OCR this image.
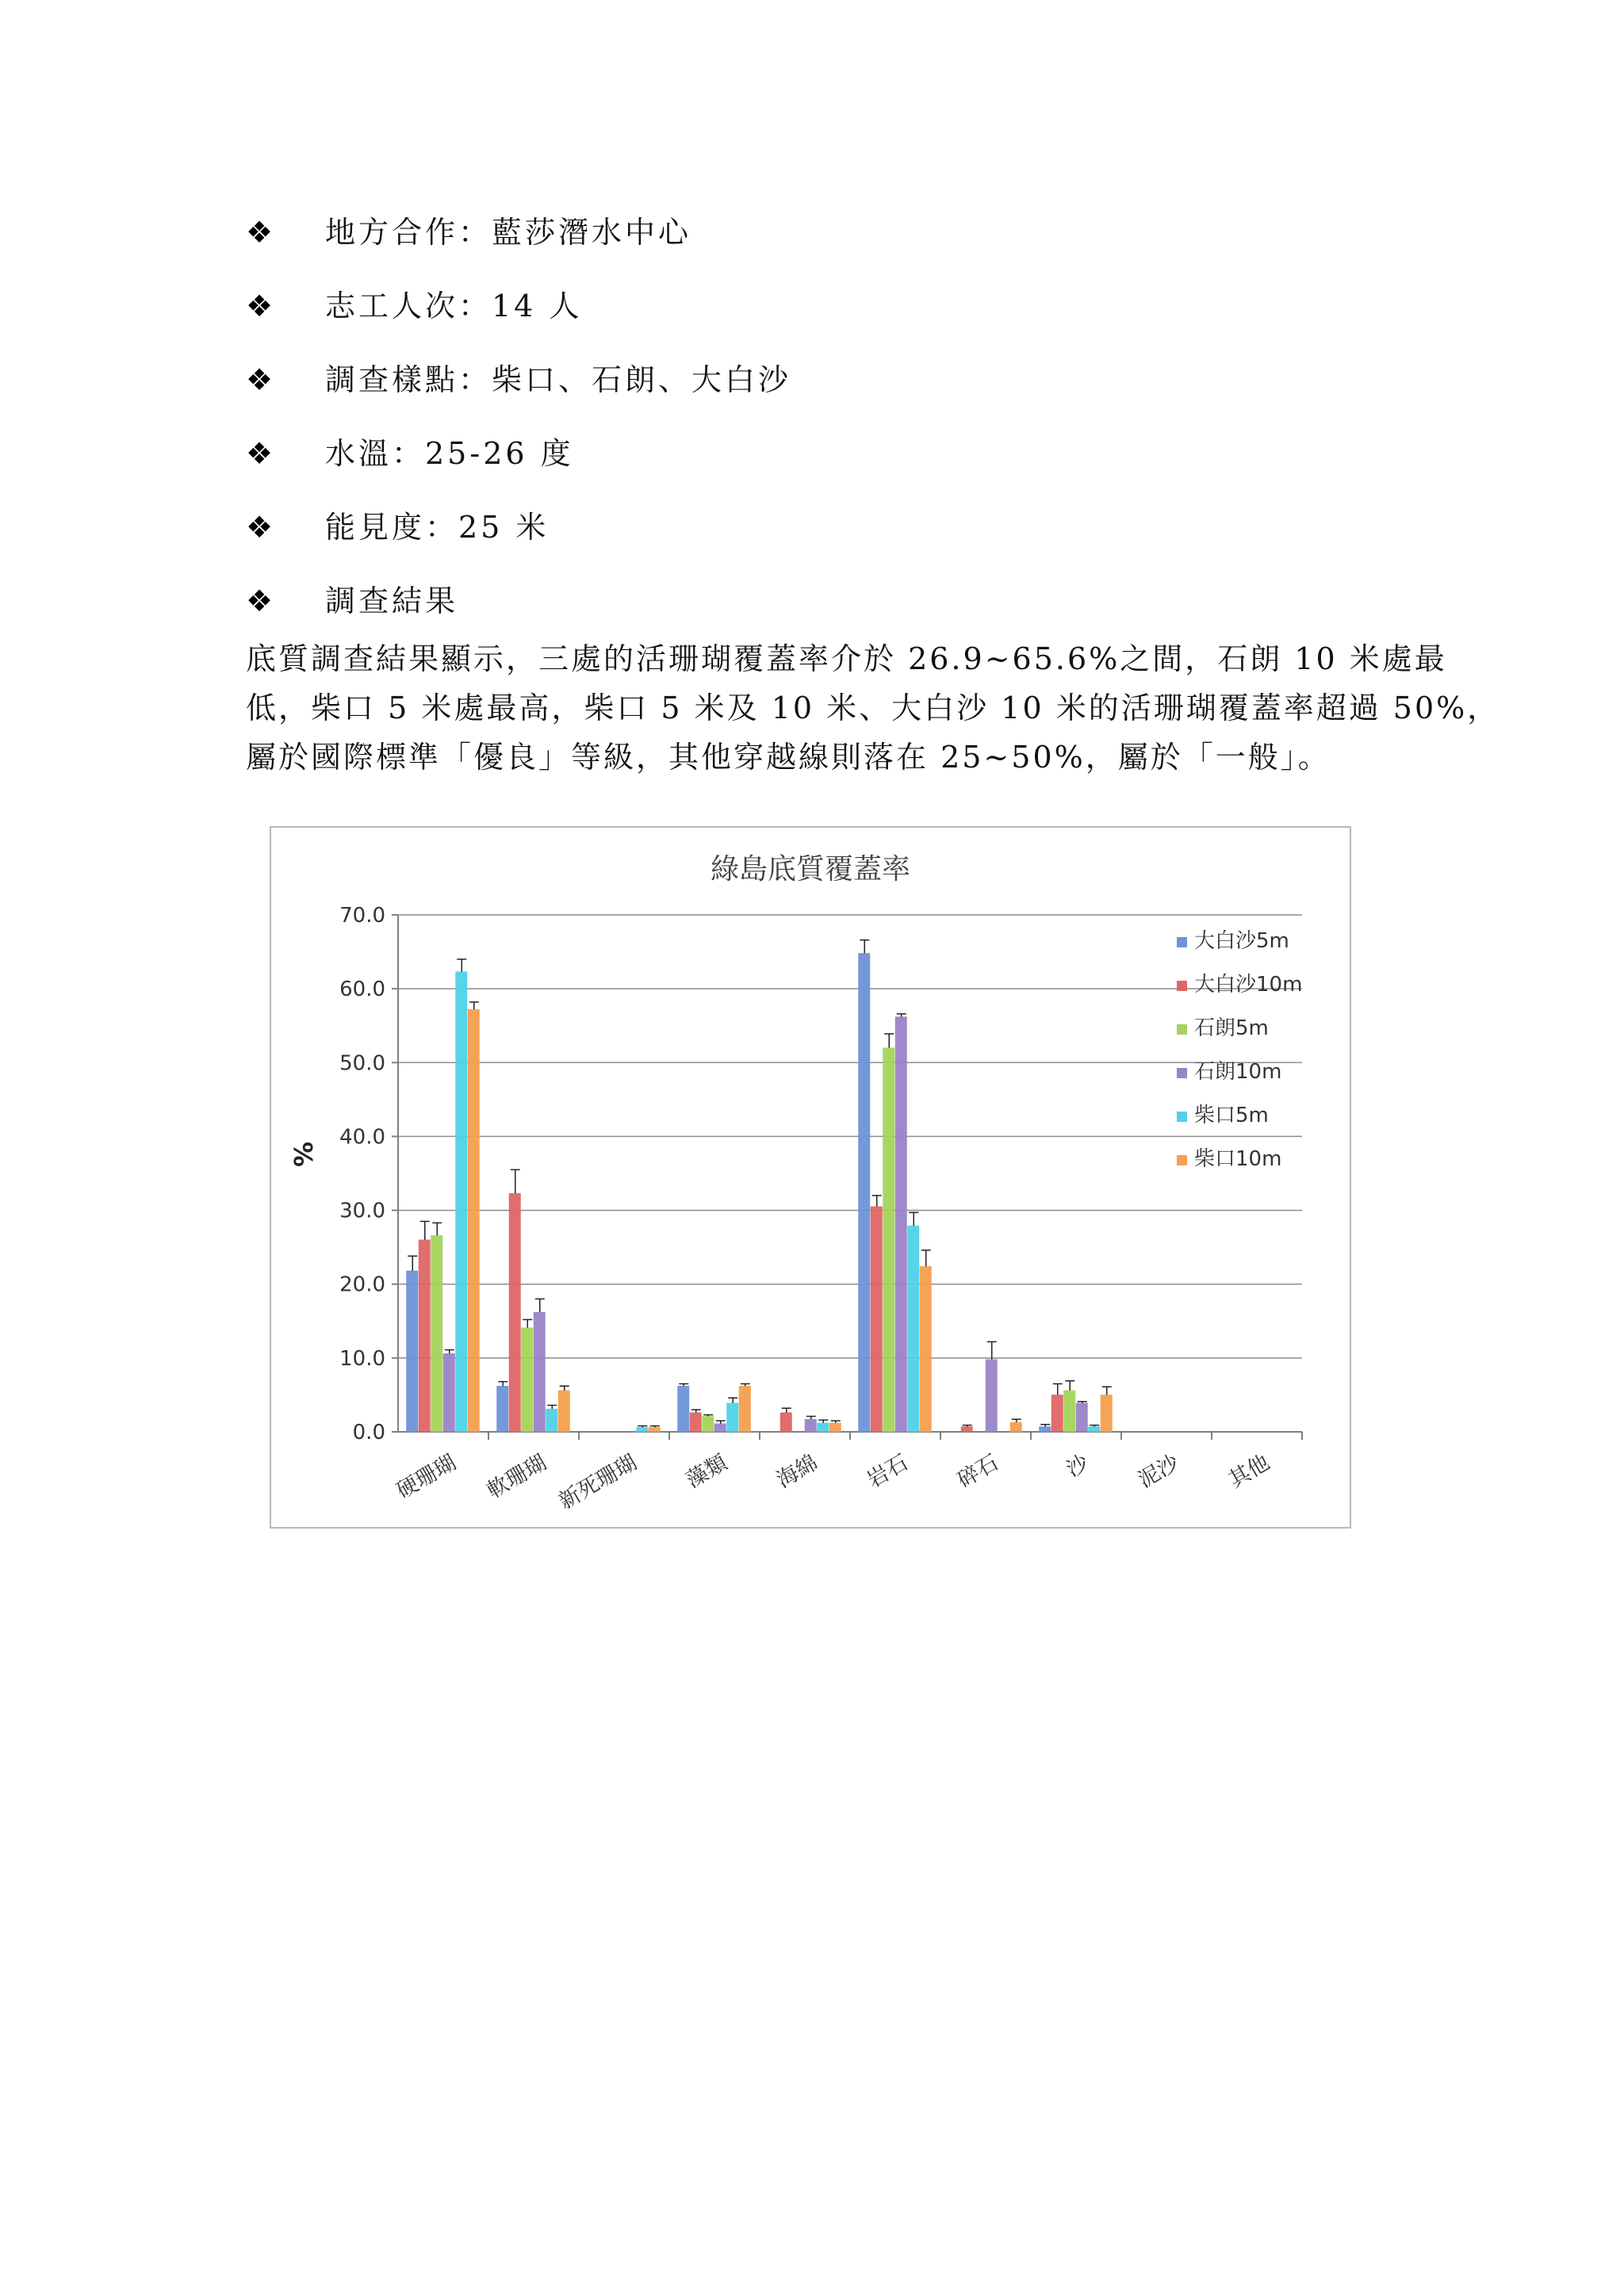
❖	地方合作：藍莎潛水中心
❖	志工人次：14 人
❖	調查樣點：柴口、石朗、大白沙
❖	水溫：25-26 度
❖	能見度：25 米
❖	調查結果
底質調查結果顯示，三處的活珊瑚覆蓋率介於 26.9~65.6%之間，石朗 10 米處最
低，柴口 5 米處最高，柴口 5 米及 10 米、大白沙 10 米的活珊瑚覆蓋率超過 50%，
屬於國際標準「優良」等級，其他穿越線則落在 25~50%，屬於「一般」。
綠島底質覆蓋率
%
0.0
10.0
20.0
30.0
40.0
50.0
60.0
70.0
硬珊瑚 軟珊瑚 新死珊瑚 藻類 海綿 岩石 碎石	沙 泥沙 其他
大白沙5m
大白沙10m
石朗5m
石朗10m
柴口5m
柴口10m
